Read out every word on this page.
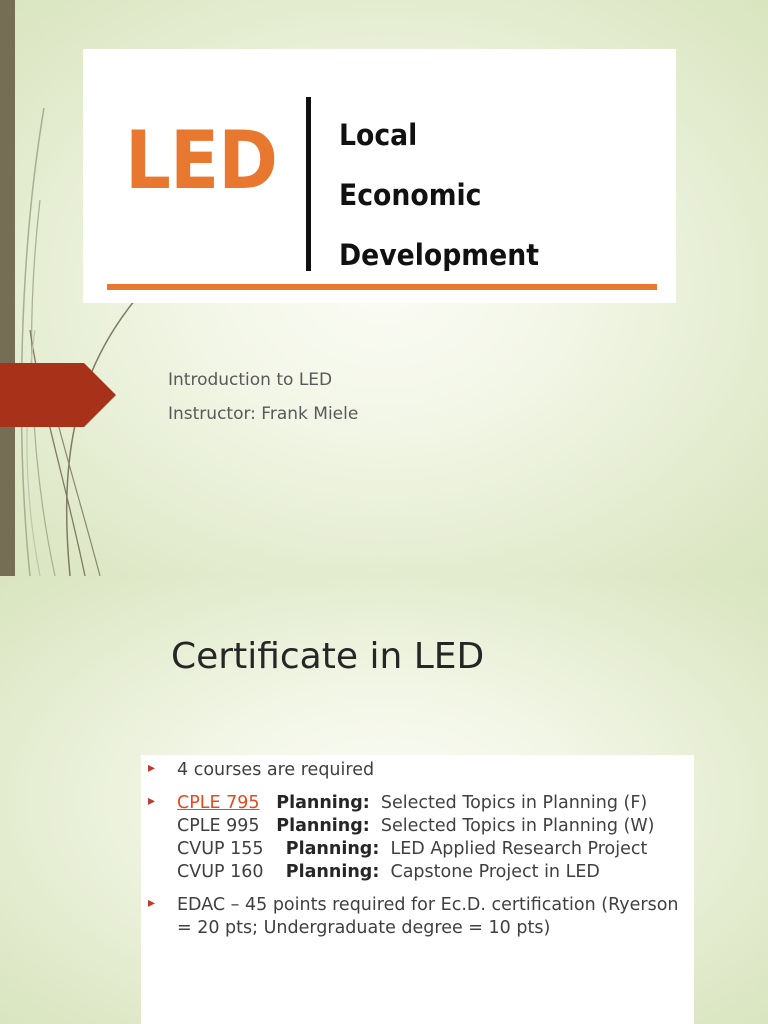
LED Local
Economic
Development
Introduction to LED
Instructor: Frank Miele
Certificate in LED
▸ 4 courses are required
▸ CPLE 795 Planning:  Selected Topics in Planning (F)
CPLE 995 Planning:  Selected Topics in Planning (W)
CVUP 155 Planning:  LED Applied Research Project
CVUP 160 Planning:  Capstone Project in LED
▸ EDAC – 45 points required for Ec.D. certification (Ryerson = 20 pts; Undergraduate degree = 10 pts)
